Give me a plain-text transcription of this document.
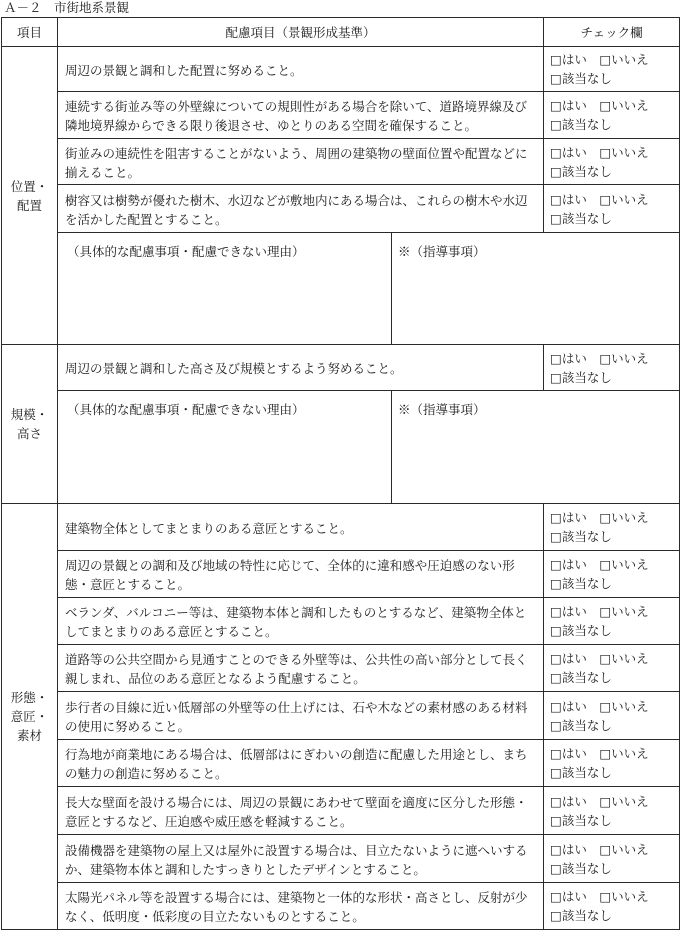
Ａ－２　市街地系景観
項目	配慮項目（景観形成基準）		チェック欄

位置・
配置	周辺の景観と調和した配置に努めること。		□はい　 □いいえ
□該当なし
	連続する街並み等の外壁線についての規則性がある場合を除いて、道路境界線及び隣地境界線からできる限り後退させ、ゆとりのある空間を確保すること。		□はい　 □いいえ
□該当なし
	街並みの連続性を阻害することがないよう、周囲の建築物の壁面位置や配置などに揃えること。		□はい　 □いいえ
□該当なし
	樹容又は樹勢が優れた樹木、水辺などが敷地内にある場合は、これらの樹木や水辺を活かした配置とすること。		□はい　 □いいえ
□該当なし
	（具体的な配慮事項・配慮できない理由）	※（指導事項）	

規模・
高さ	周辺の景観と調和した高さ及び規模とするよう努めること。		□はい　 □いいえ
□該当なし
	（具体的な配慮事項・配慮できない理由）	※（指導事項）	

形態・
意匠・
素材	建築物全体としてまとまりのある意匠とすること。		□はい　 □いいえ
□該当なし
	周辺の景観との調和及び地域の特性に応じて、全体的に違和感や圧迫感のない形態・意匠とすること。		□はい　 □いいえ
□該当なし
	ベランダ、バルコニー等は、建築物本体と調和したものとするなど、建築物全体としてまとまりのある意匠とすること。		□はい　 □いいえ
□該当なし
	道路等の公共空間から見通すことのできる外壁等は、公共性の高い部分として長く親しまれ、品位のある意匠となるよう配慮すること。		□はい　 □いいえ
□該当なし
	歩行者の目線に近い低層部の外壁等の仕上げには、石や木などの素材感のある材料の使用に努めること。		□はい　 □いいえ
□該当なし
	行為地が商業地にある場合は、低層部はにぎわいの創造に配慮した用途とし、まちの魅力の創造に努めること。		□はい　 □いいえ
□該当なし
	長大な壁面を設ける場合には、周辺の景観にあわせて壁面を適度に区分した形態・意匠とするなど、圧迫感や威圧感を軽減すること。		□はい　 □いいえ
□該当なし
	設備機器を建築物の屋上又は屋外に設置する場合は、目立たないように遮へいするか、建築物本体と調和したすっきりとしたデザインとすること。		□はい　 □いいえ
□該当なし
	太陽光パネル等を設置する場合には、建築物と一体的な形状・高さとし、反射が少なく、低明度・低彩度の目立たないものとすること。		□はい　 □いいえ
□該当なし
